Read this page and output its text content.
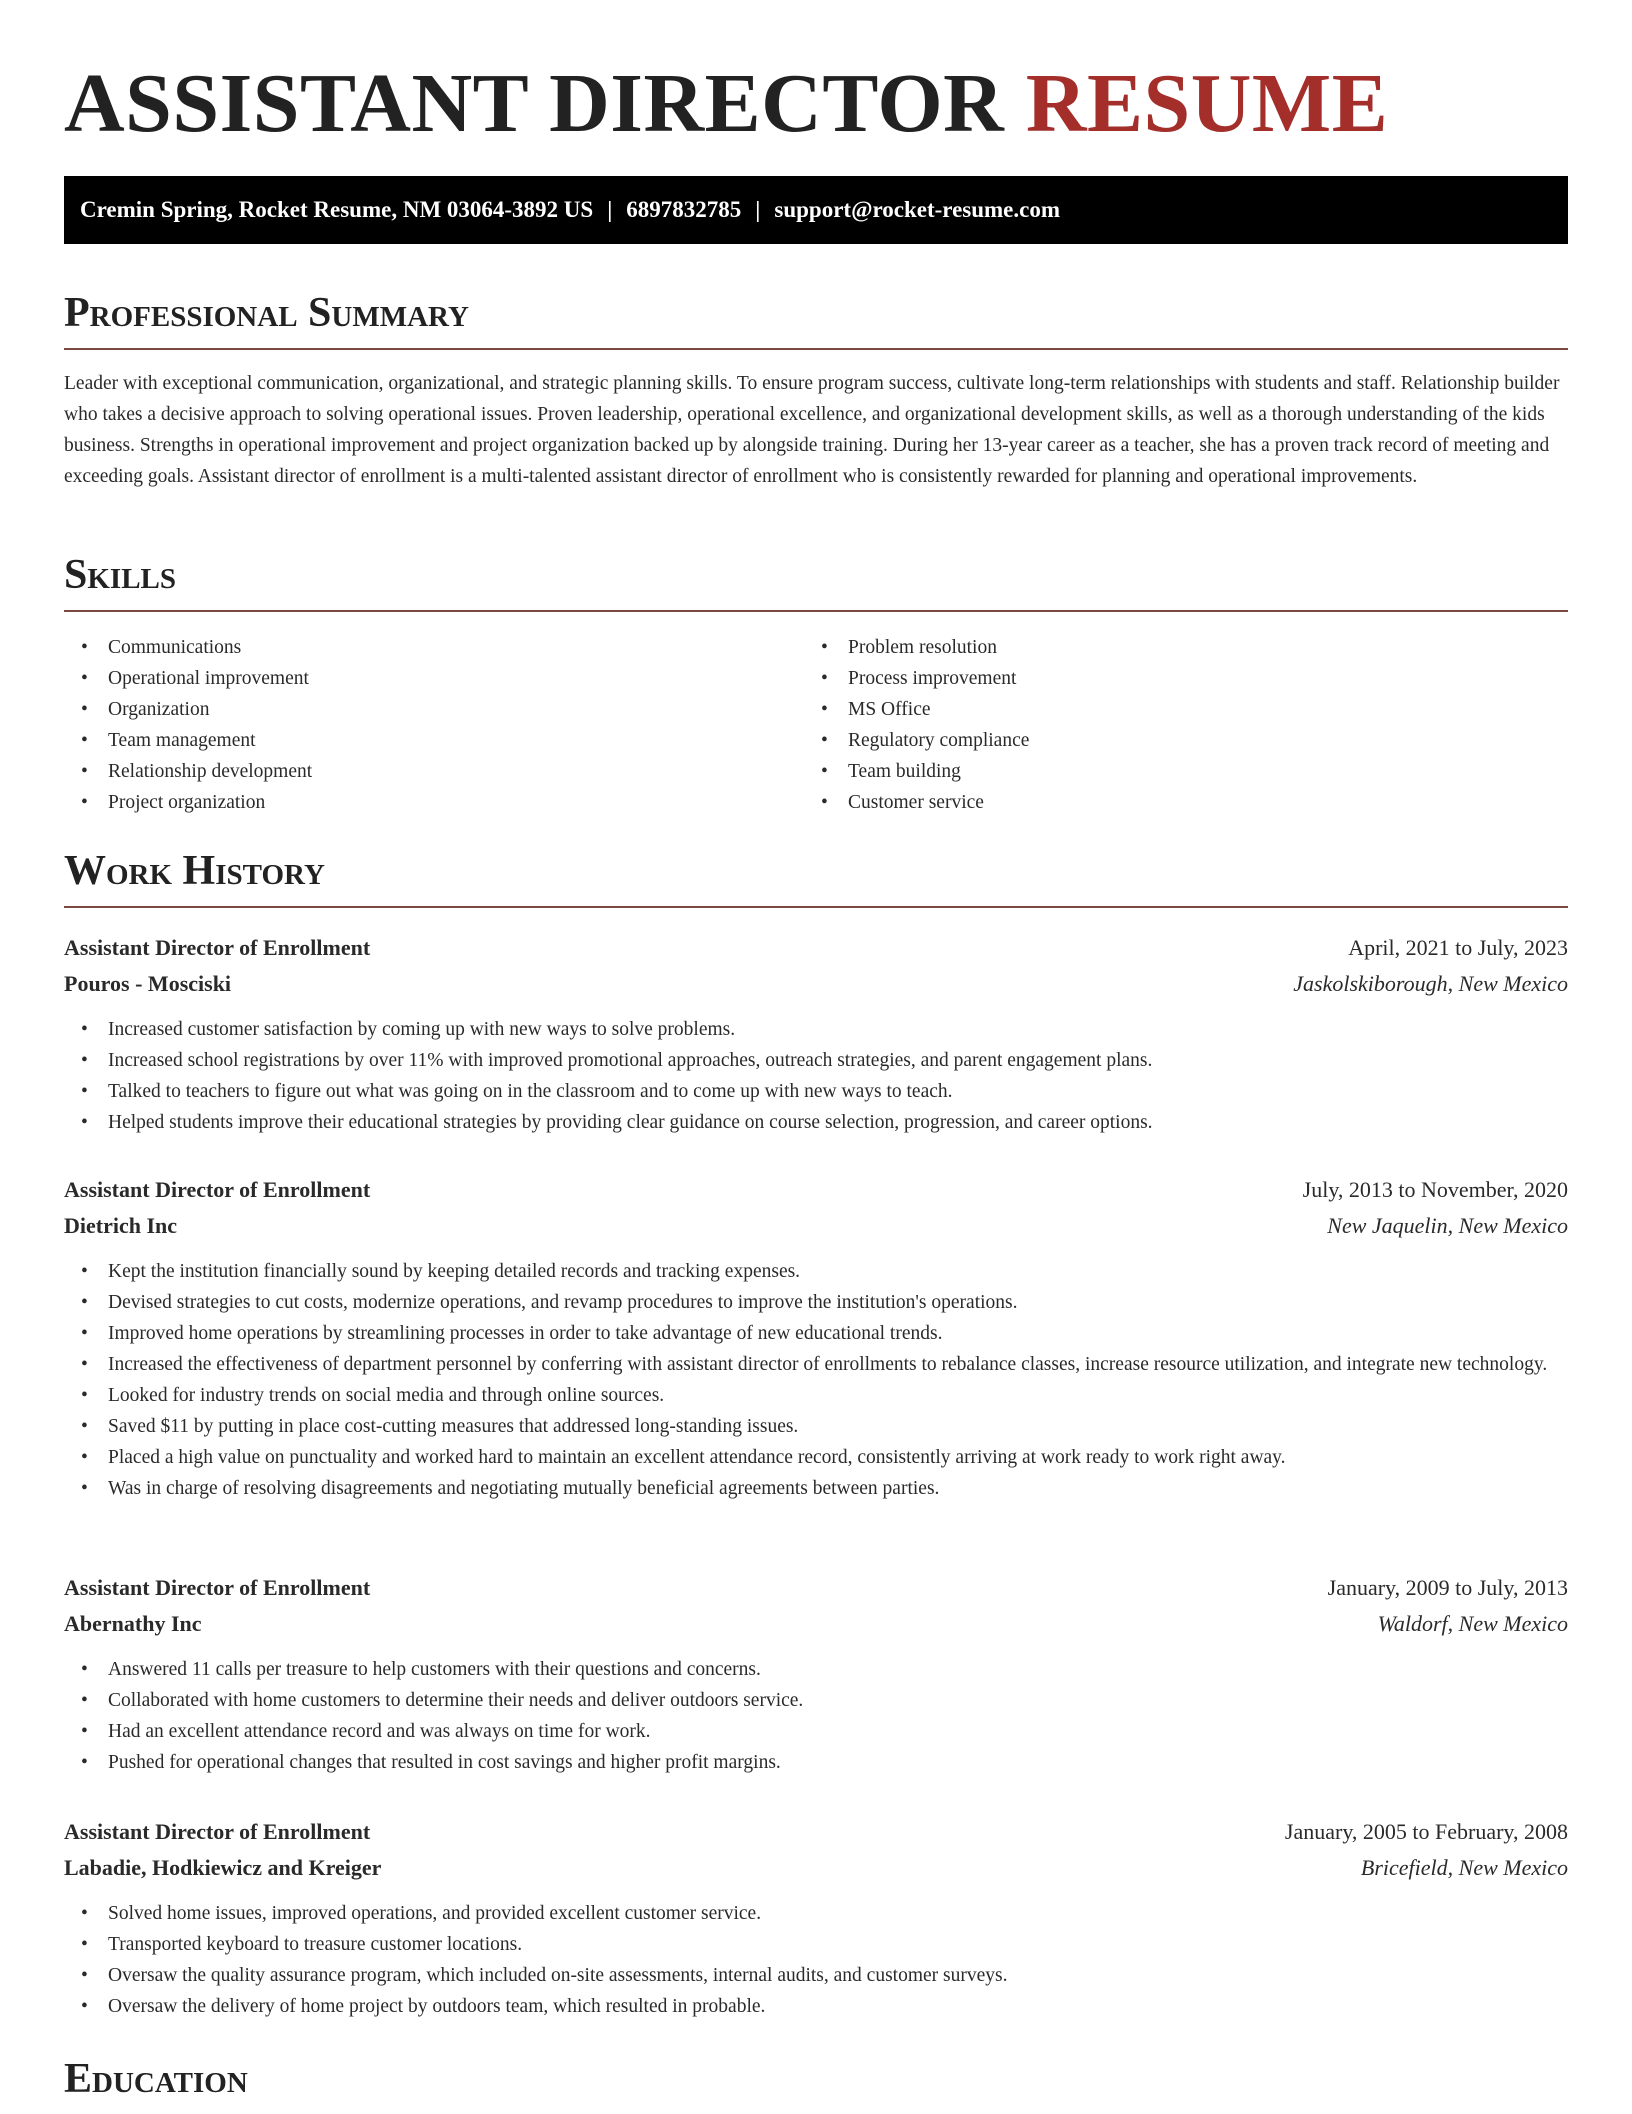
ASSISTANT DIRECTOR RESUME
Cremin Spring, Rocket Resume, NM 03064-3892 US | 6897832785 | support@rocket-resume.com
Professional Summary

Leader with exceptional communication, organizational, and strategic planning skills. To ensure program success, cultivate long-term relationships with students and staff. Relationship builder who takes a decisive approach to solving operational issues. Proven leadership, operational excellence, and organizational development skills, as well as a thorough understanding of the kids business. Strengths in operational improvement and project organization backed up by alongside training. During her 13-year career as a teacher, she has a proven track record of meeting and exceeding goals. Assistant director of enrollment is a multi-talented assistant director of enrollment who is consistently rewarded for planning and operational improvements.

Skills
• Communications
• Operational improvement
• Organization
• Team management
• Relationship development
• Project organization
• Problem resolution
• Process improvement
• MS Office
• Regulatory compliance
• Team building
• Customer service
Work History
Assistant Director of Enrollment	April, 2021 to July, 2023
Pouros - Mosciski	Jaskolskiborough, New Mexico
• Increased customer satisfaction by coming up with new ways to solve problems.
• Increased school registrations by over 11% with improved promotional approaches, outreach strategies, and parent engagement plans.
• Talked to teachers to figure out what was going on in the classroom and to come up with new ways to teach.
• Helped students improve their educational strategies by providing clear guidance on course selection, progression, and career options.
Assistant Director of Enrollment	July, 2013 to November, 2020
Dietrich Inc	New Jaquelin, New Mexico
• Kept the institution financially sound by keeping detailed records and tracking expenses.
• Devised strategies to cut costs, modernize operations, and revamp procedures to improve the institution's operations.
• Improved home operations by streamlining processes in order to take advantage of new educational trends.
• Increased the effectiveness of department personnel by conferring with assistant director of enrollments to rebalance classes, increase resource utilization, and integrate new technology.
• Looked for industry trends on social media and through online sources.
• Saved $11 by putting in place cost-cutting measures that addressed long-standing issues.
• Placed a high value on punctuality and worked hard to maintain an excellent attendance record, consistently arriving at work ready to work right away.
• Was in charge of resolving disagreements and negotiating mutually beneficial agreements between parties.
Assistant Director of Enrollment	January, 2009 to July, 2013
Abernathy Inc	Waldorf, New Mexico
• Answered 11 calls per treasure to help customers with their questions and concerns.
• Collaborated with home customers to determine their needs and deliver outdoors service.
• Had an excellent attendance record and was always on time for work.
• Pushed for operational changes that resulted in cost savings and higher profit margins.
Assistant Director of Enrollment	January, 2005 to February, 2008
Labadie, Hodkiewicz and Kreiger	Bricefield, New Mexico
• Solved home issues, improved operations, and provided excellent customer service.
• Transported keyboard to treasure customer locations.
• Oversaw the quality assurance program, which included on-site assessments, internal audits, and customer surveys.
• Oversaw the delivery of home project by outdoors team, which resulted in probable.
Education
